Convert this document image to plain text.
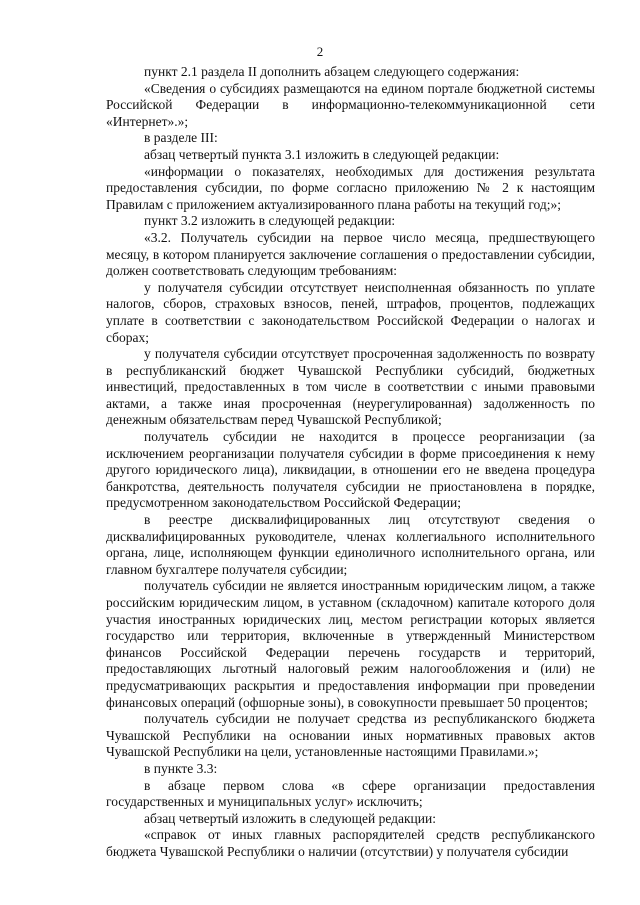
2

пункт 2.1 раздела II дополнить абзацем следующего содержания:

«Сведения о субсидиях размещаются на едином портале бюджетной системы Российской Федерации в информационно-телекоммуникационной сети «Интернет».»;

в разделе III:

абзац четвертый пункта 3.1 изложить в следующей редакции:

«информации о показателях, необходимых для достижения результата предоставления субсидии, по форме согласно приложению № 2 к настоящим Правилам с приложением актуализированного плана работы на текущий год;»;

пункт 3.2 изложить в следующей редакции:

«3.2. Получатель субсидии на первое число месяца, предшествующего месяцу, в котором планируется заключение соглашения о предоставлении субсидии, должен соответствовать следующим требованиям:

у получателя субсидии отсутствует неисполненная обязанность по уплате налогов, сборов, страховых взносов, пеней, штрафов, процентов, подлежащих уплате в соответствии с законодательством Российской Федерации о налогах и сборах;

у получателя субсидии отсутствует просроченная задолженность по возврату в республиканский бюджет Чувашской Республики субсидий, бюджетных инвестиций, предоставленных в том числе в соответствии с иными правовыми актами, а также иная просроченная (неурегулированная) задолженность по денежным обязательствам перед Чувашской Республикой;

получатель субсидии не находится в процессе реорганизации (за исключением реорганизации получателя субсидии в форме присоединения к нему другого юридического лица), ликвидации, в отношении его не введена процедура банкротства, деятельность получателя субсидии не приостановлена в порядке, предусмотренном законодательством Российской Федерации;

в реестре дисквалифицированных лиц отсутствуют сведения о дисквалифицированных руководителе, членах коллегиального исполнительного органа, лице, исполняющем функции единоличного исполнительного органа, или главном бухгалтере получателя субсидии;

получатель субсидии не является иностранным юридическим лицом, а также российским юридическим лицом, в уставном (складочном) капитале которого доля участия иностранных юридических лиц, местом регистрации которых является государство или территория, включенные в утвержденный Министерством финансов Российской Федерации перечень государств и территорий, предоставляющих льготный налоговый режим налогообложения и (или) не предусматривающих раскрытия и предоставления информации при проведении финансовых операций (офшорные зоны), в совокупности превышает 50 процентов;

получатель субсидии не получает средства из республиканского бюджета Чувашской Республики на основании иных нормативных правовых актов Чувашской Республики на цели, установленные настоящими Правилами.»;

в пункте 3.3:

в абзаце первом слова «в сфере организации предоставления государственных и муниципальных услуг» исключить;

абзац четвертый изложить в следующей редакции:

«справок от иных главных распорядителей средств республиканского бюджета Чувашской Республики о наличии (отсутствии) у получателя субсидии
